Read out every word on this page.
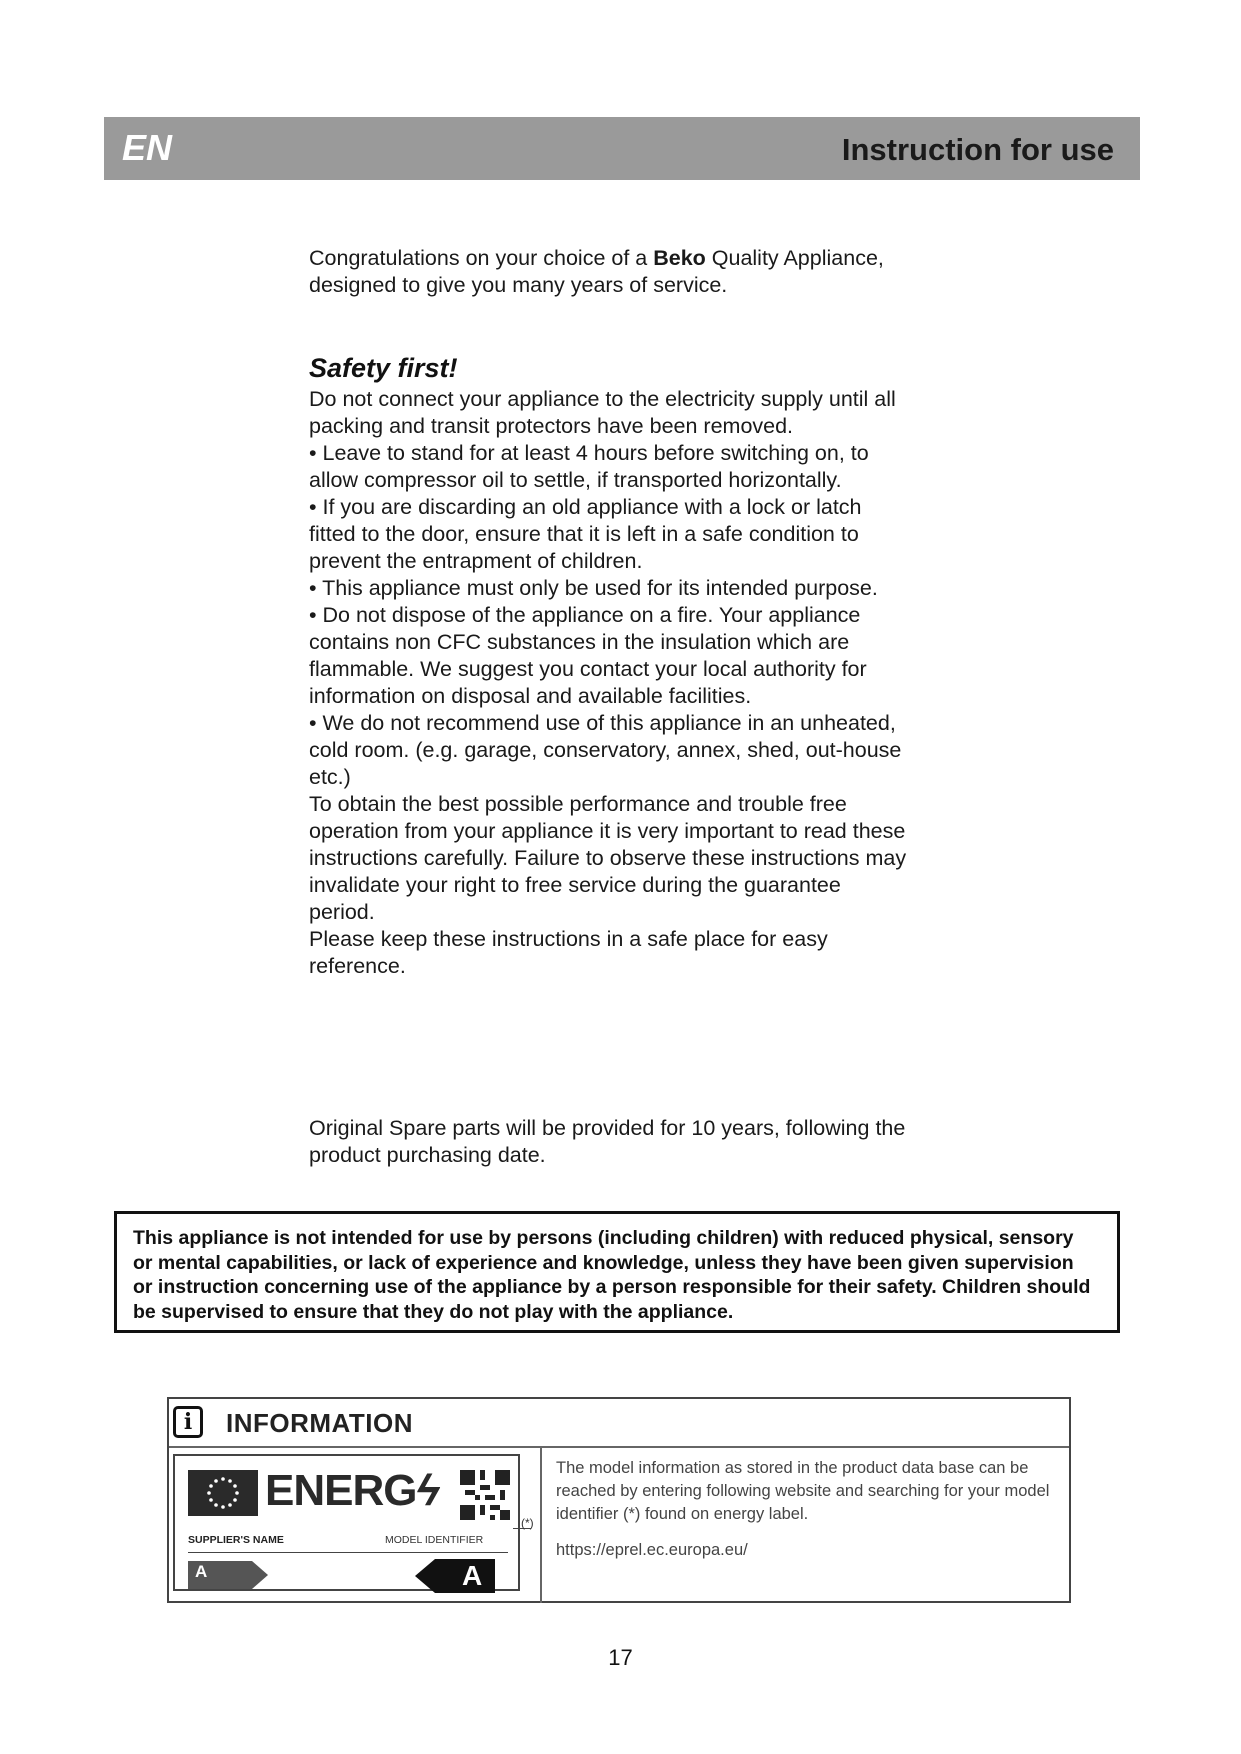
EN	Instruction for use
Congratulations on your choice of a Beko Quality Appliance, designed to give you many years of service.
Safety first!

Do not connect your appliance to the electricity supply until all packing and transit protectors have been removed.

• Leave to stand for at least 4 hours before switching on, to allow compressor oil to settle, if transported horizontally.

• If you are discarding an old appliance with a lock or latch fitted to the door, ensure that it is left in a safe condition to prevent the entrapment of children.

• This appliance must only be used for its intended purpose.

• Do not dispose of the appliance on a fire. Your appliance contains non CFC substances in the insulation which are flammable. We suggest you contact your local authority for information on disposal and available facilities.

• We do not recommend use of this appliance in an unheated, cold room. (e.g. garage, conservatory, annex, shed, out-house etc.)

To obtain the best possible performance and trouble free operation from your appliance it is very important to read these instructions carefully. Failure to observe these instructions may invalidate your right to free service during the guarantee period.

Please keep these instructions in a safe place for easy reference.

Original Spare parts will be provided for 10 years, following the product purchasing date.
This appliance is not intended for use by persons (including children) with reduced physical, sensory or mental capabilities, or lack of experience and knowledge, unless they have been given supervision or instruction concerning use of the appliance by a person responsible for their safety. Children should be supervised to ensure that they do not play with the appliance.
i	INFORMATION
ENERGϟ
SUPPLIER'S NAME	MODEL IDENTIFIER
A	A
(*)
The model information as stored in the product data base can be reached by entering following website and searching for your model identifier (*) found on energy label.
https://eprel.ec.europa.eu/
17
